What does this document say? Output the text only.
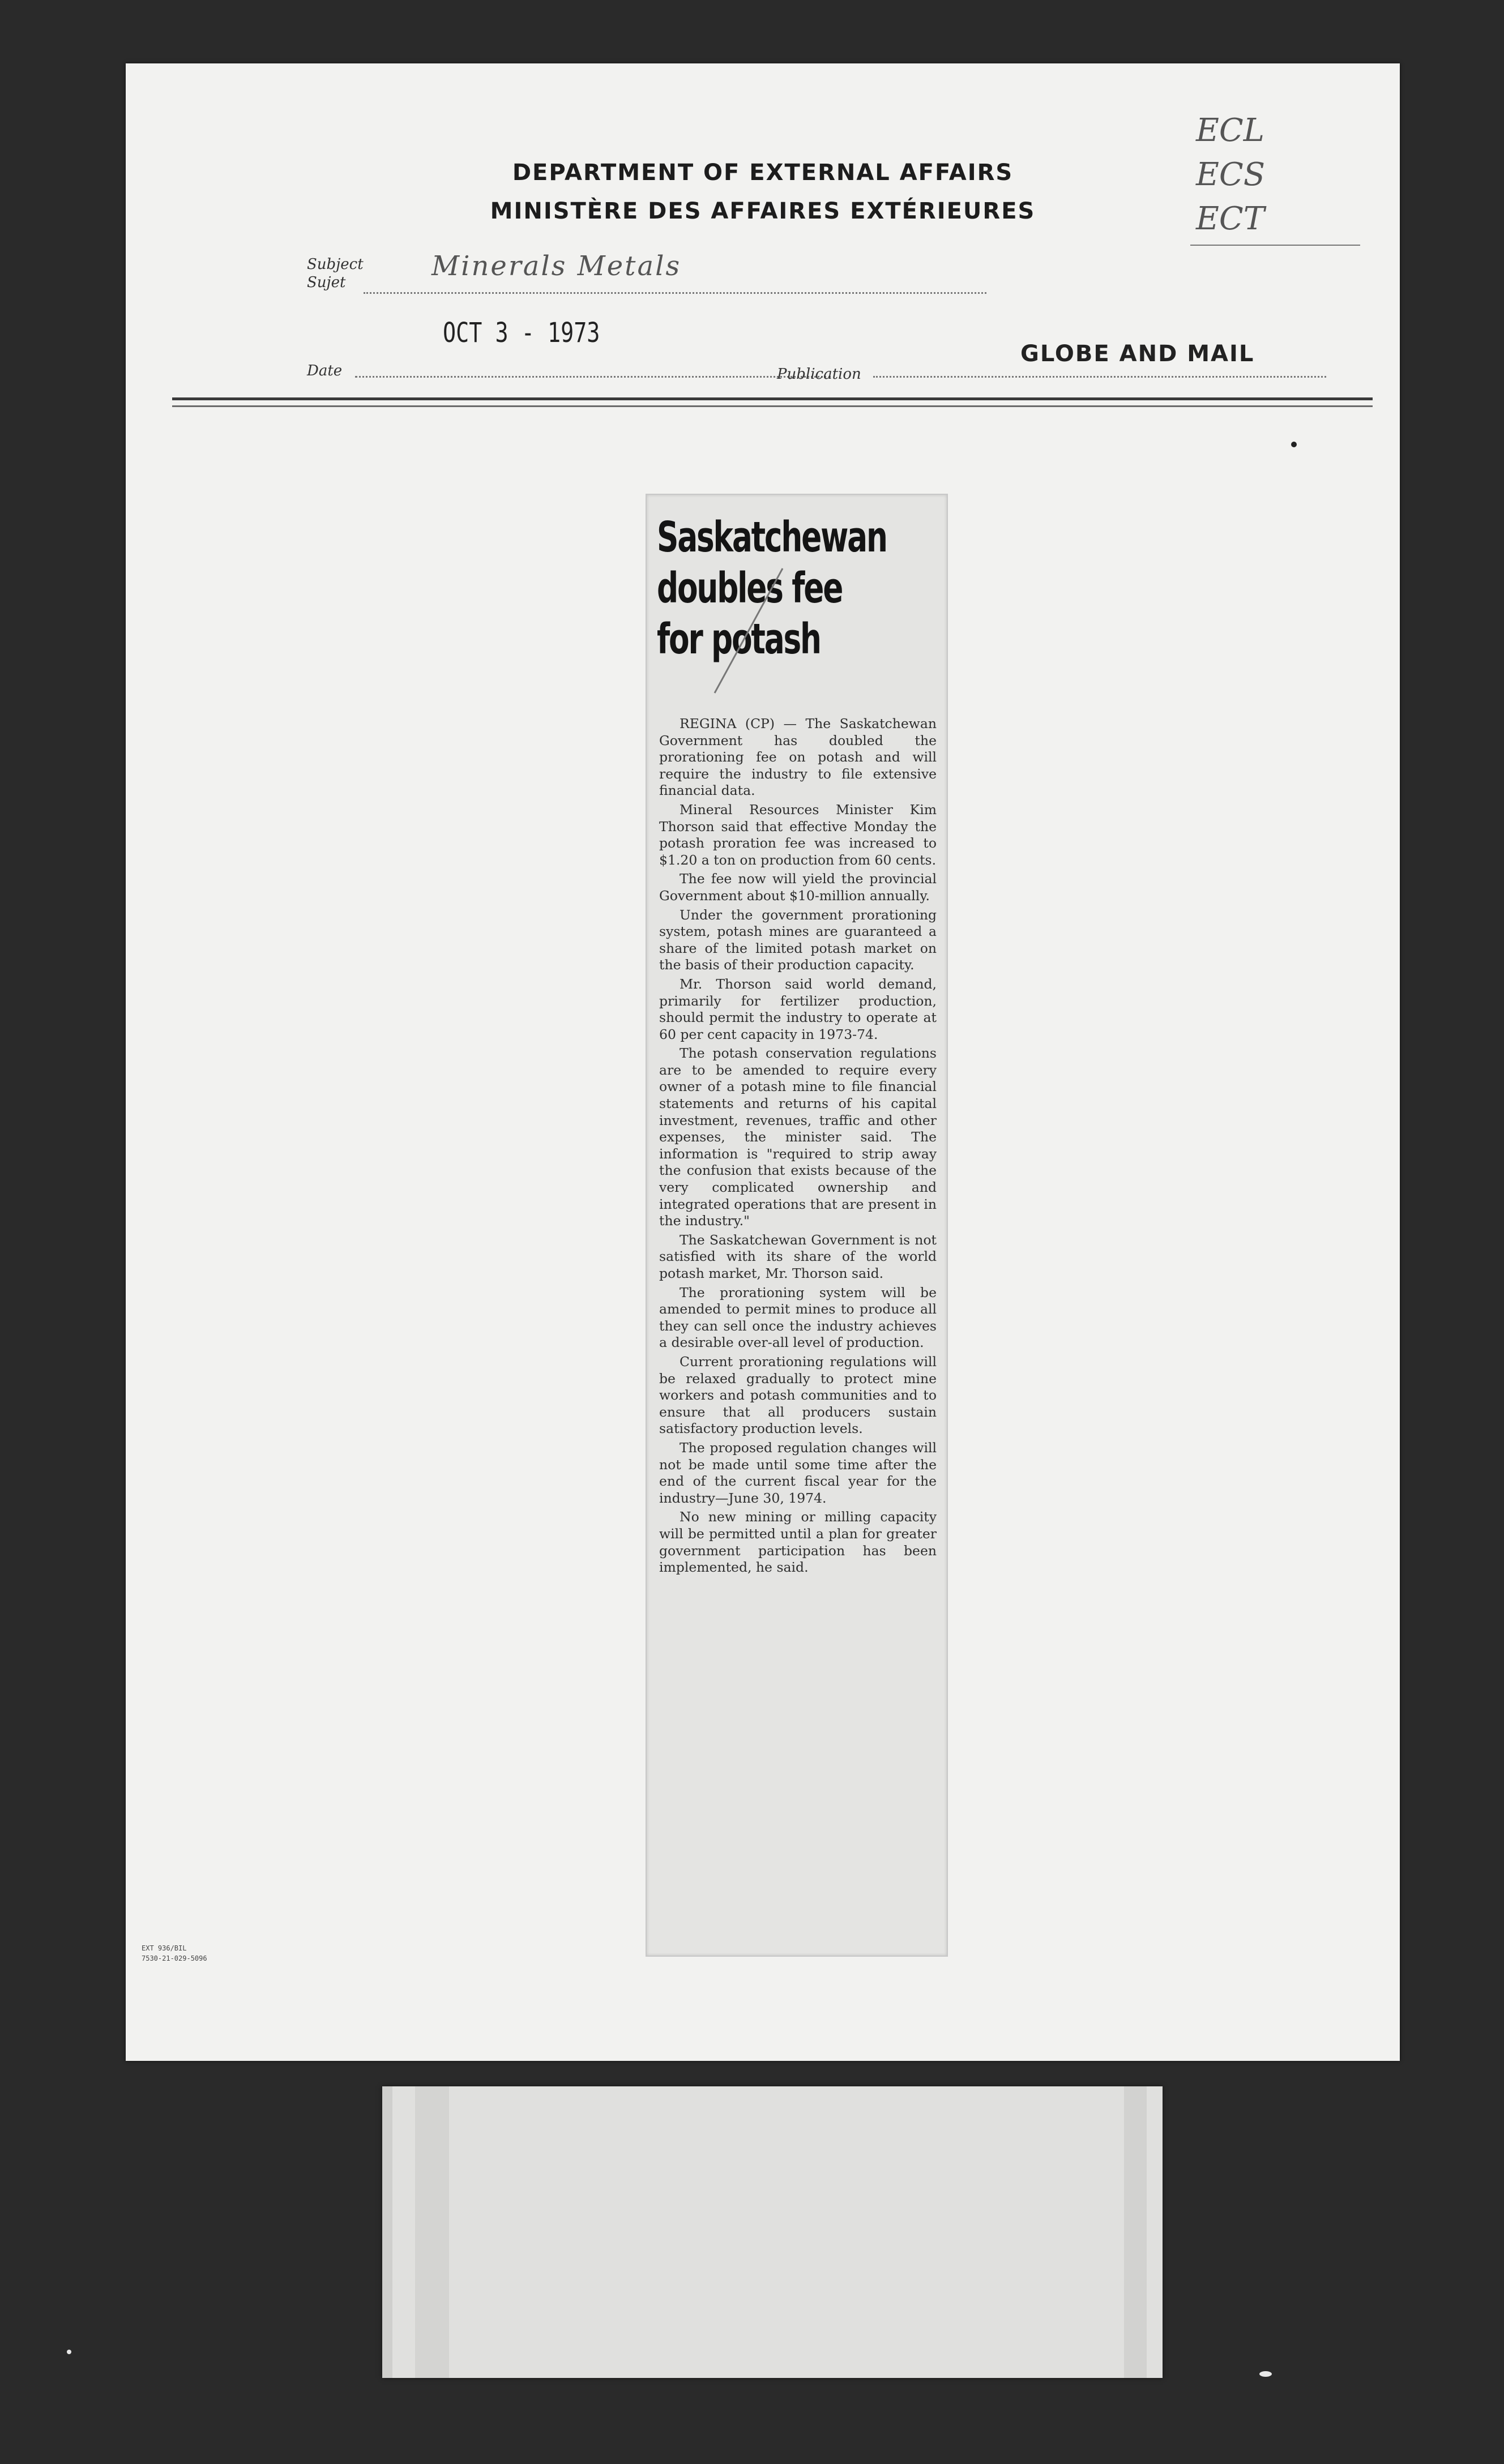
DEPARTMENT OF EXTERNAL AFFAIRS
MINISTÈRE DES AFFAIRES EXTÉRIEURES
ECL
ECS
ECT
Subject
Sujet
Minerals Metals
OCT 3 - 1973
Date	Publication
GLOBE AND MAIL
Saskatchewan
doubles fee
for potash

REGINA (CP) — The Saskatchewan Government has doubled the prorationing fee on potash and will require the industry to file extensive financial data.

Mineral Resources Minister Kim Thorson said that effective Monday the potash proration fee was increased to $1.20 a ton on production from 60 cents.

The fee now will yield the provincial Government about $10-million annually.

Under the government prorationing system, potash mines are guaranteed a share of the limited potash market on the basis of their production capacity.

Mr. Thorson said world demand, primarily for fertilizer production, should permit the industry to operate at 60 per cent capacity in 1973-74.

The potash conservation regulations are to be amended to require every owner of a potash mine to file financial statements and returns of his capital investment, revenues, traffic and other expenses, the minister said. The information is "required to strip away the confusion that exists because of the very complicated ownership and integrated operations that are present in the industry."

The Saskatchewan Government is not satisfied with its share of the world potash market, Mr. Thorson said.

The prorationing system will be amended to permit mines to produce all they can sell once the industry achieves a desirable over-all level of production.

Current prorationing regulations will be relaxed gradually to protect mine workers and potash communities and to ensure that all producers sustain satisfactory production levels.

The proposed regulation changes will not be made until some time after the end of the current fiscal year for the industry—June 30, 1974.

No new mining or milling capacity will be permitted until a plan for greater government participation has been implemented, he said.

EXT 936/BIL
7530-21-029-5096
